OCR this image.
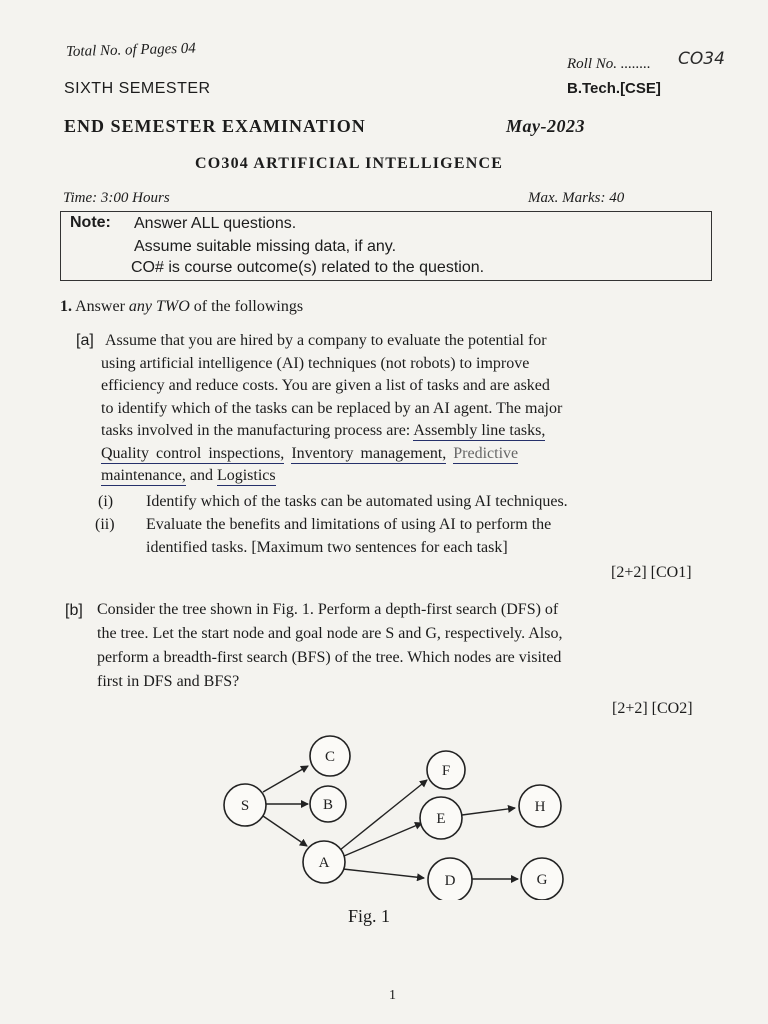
Total No. of Pages 04
SIXTH SEMESTER
Roll No. ........ CO34
B.Tech.[CSE]
END SEMESTER EXAMINATION	May-2023
CO304 ARTIFICIAL INTELLIGENCE
Time: 3:00 Hours	Max. Marks: 40
Note: Answer ALL questions.
Assume suitable missing data, if any.
CO# is course outcome(s) related to the question.
1. Answer any TWO of the followings
[a] Assume that you are hired by a company to evaluate the potential for
using artificial intelligence (AI) techniques (not robots) to improve
efficiency and reduce costs. You are given a list of tasks and are asked
to identify which of the tasks can be replaced by an AI agent. The major
tasks involved in the manufacturing process are: Assembly line tasks,
Quality control inspections, Inventory management, Predictive
maintenance, and Logistics
(i) Identify which of the tasks can be automated using AI techniques.
(ii) Evaluate the benefits and limitations of using AI to perform the
identified tasks. [Maximum two sentences for each task]
[2+2] [CO1]
[b] Consider the tree shown in Fig. 1. Perform a depth-first search (DFS) of
the tree. Let the start node and goal node are S and G, respectively. Also,
perform a breadth-first search (BFS) of the tree. Which nodes are visited
first in DFS and BFS?
[2+2] [CO2]
S
C
B
A
F
E
D
H
G
Fig. 1
1
